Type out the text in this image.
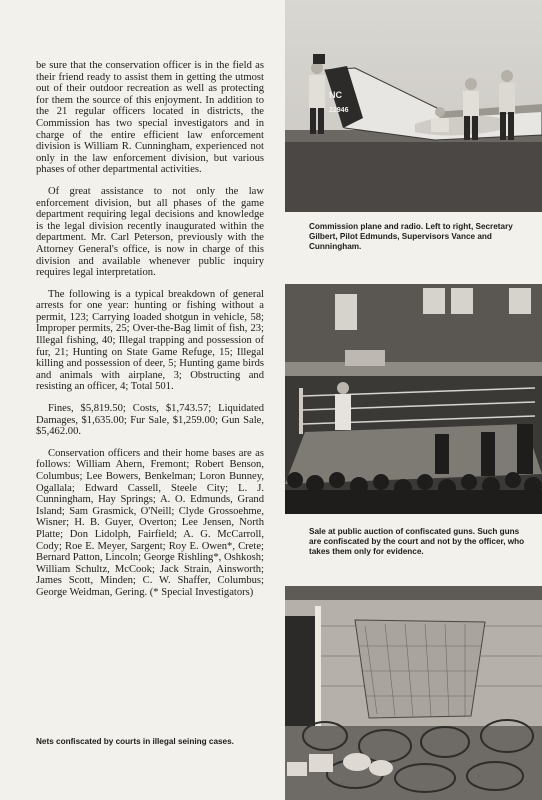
be sure that the conservation officer is in the field as their friend ready to assist them in getting the utmost out of their outdoor recreation as well as protecting for them the source of this enjoyment. In addition to the 21 regular officers located in districts, the Commission has two special investigators and in charge of the entire efficient law enforcement division is William R. Cunningham, experienced not only in the law enforcement division, but various phases of other departmental activities.

Of great assistance to not only the law enforcement division, but all phases of the game department requiring legal decisions and knowledge is the legal division recently inaugurated within the department. Mr. Carl Peterson, previously with the Attorney General's office, is now in charge of this division and available whenever public inquiry requires legal interpretation.

The following is a typical breakdown of general arrests for one year: hunting or fishing without a permit, 123; Carrying loaded shotgun in vehicle, 58; Improper permits, 25; Over-the-Bag limit of fish, 23; Illegal fishing, 40; Illegal trapping and possession of fur, 21; Hunting on State Game Refuge, 15; Illegal killing and possession of deer, 5; Hunting game birds and animals with airplane, 3; Obstructing and resisting an officer, 4; Total 501.

Fines, $5,819.50; Costs, $1,743.57; Liquidated Damages, $1,635.00; Fur Sale, $1,259.00; Gun Sale, $5,462.00.

Conservation officers and their home bases are as follows: William Ahern, Fremont; Robert Benson, Columbus; Lee Bowers, Benkelman; Loron Bunney, Ogallala; Edward Cassell, Steele City; L. J. Cunningham, Hay Springs; A. O. Edmunds, Grand Island; Sam Grasmick, O'Neill; Clyde Grossoehme, Wisner; H. B. Guyer, Overton; Lee Jensen, North Platte; Don Lidolph, Fairfield; A. G. McCarroll, Cody; Roe E. Meyer, Sargent; Roy E. Owen*, Crete; Bernard Patton, Lincoln; George Rishling*, Oshkosh; William Schultz, McCook; Jack Strain, Ainsworth; James Scott, Minden; C. W. Shaffer, Columbus; George Weidman, Gering. (* Special Investigators)

Nets confiscated by courts in illegal seining cases.
NC
22946
Commission plane and radio. Left to right, Secretary Gilbert, Pilot Edmunds, Supervisors Vance and Cunningham.
Sale at public auction of confiscated guns. Such guns are confiscated by the court and not by the officer, who takes them only for evidence.
